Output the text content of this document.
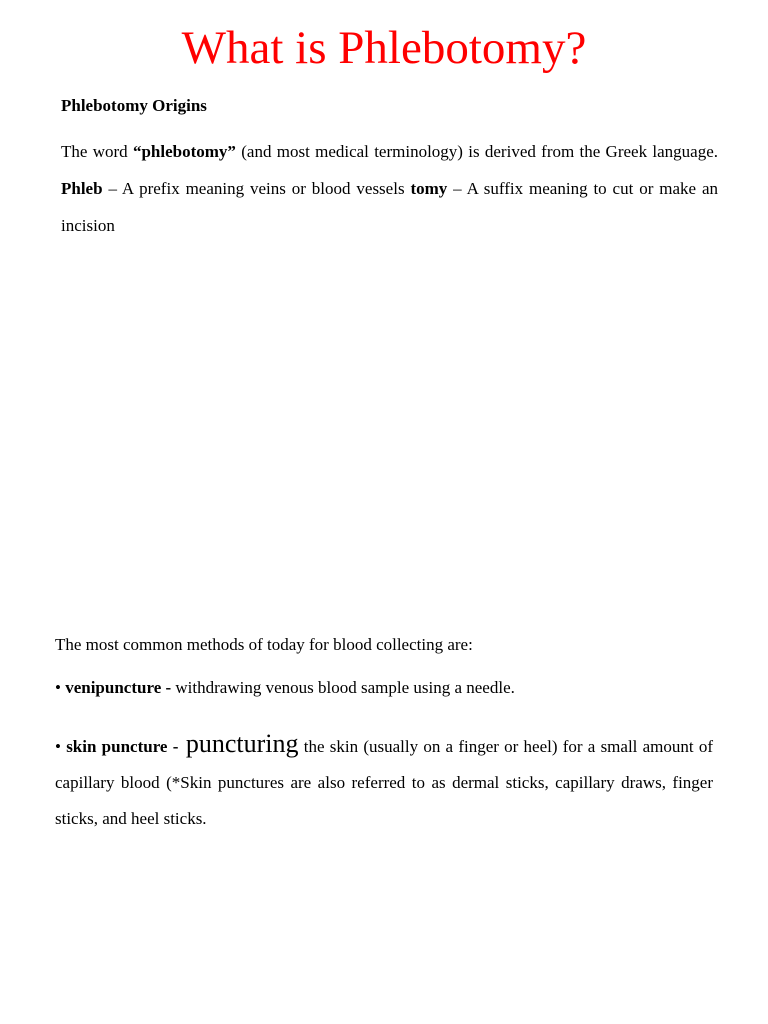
What is Phlebotomy?
Phlebotomy Origins

The word “phlebotomy” (and most medical terminology) is derived from the Greek language. Phleb – A prefix meaning veins or blood vessels tomy – A suffix meaning to cut or make an incision

The most common methods of today for blood collecting are:

• venipuncture - withdrawing venous blood sample using a needle.

• skin puncture - puncturing the skin (usually on a finger or heel) for a small amount of capillary blood (*Skin punctures are also referred to as dermal sticks, capillary draws, finger sticks, and heel sticks.
